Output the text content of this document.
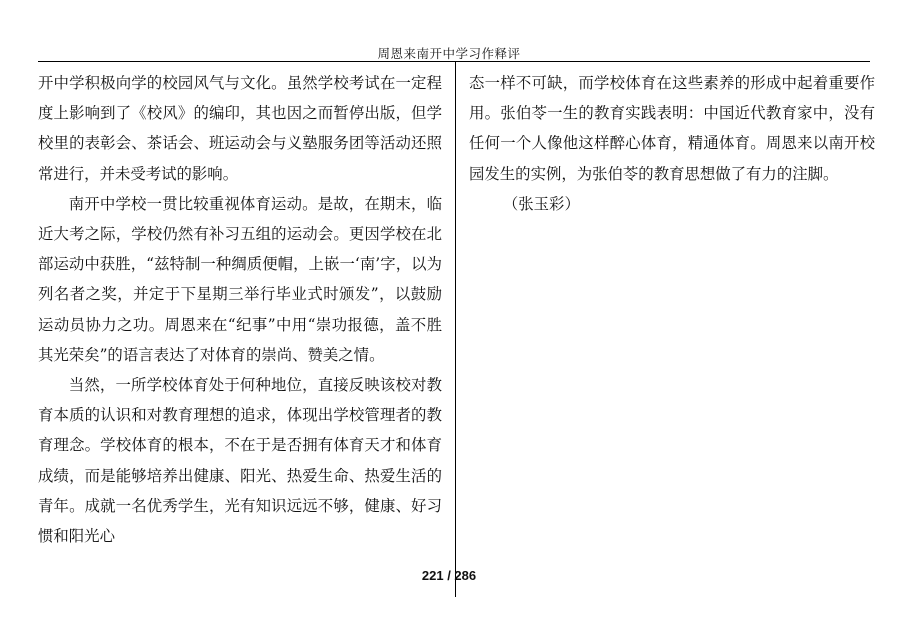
周恩来南开中学习作释评

开中学积极向学的校园风气与文化。虽然学校考试在一定程度上影响到了《校风》的编印，其也因之而暂停出版，但学校里的表彰会、茶话会、班运动会与义塾服务团等活动还照常进行，并未受考试的影响。

南开中学校一贯比较重视体育运动。是故，在期末，临近大考之际，学校仍然有补习五组的运动会。更因学校在北部运动中获胜，“兹特制一种绸质便帽，上嵌一‘南’字，以为列名者之奖，并定于下星期三举行毕业式时颁发”，以鼓励运动员协力之功。周恩来在“纪事”中用“崇功报德，盖不胜其光荣矣”的语言表达了对体育的崇尚、赞美之情。

当然，一所学校体育处于何种地位，直接反映该校对教育本质的认识和对教育理想的追求，体现出学校管理者的教育理念。学校体育的根本，不在于是否拥有体育天才和体育成绩，而是能够培养出健康、阳光、热爱生命、热爱生活的青年。成就一名优秀学生，光有知识远远不够，健康、好习惯和阳光心

态一样不可缺，而学校体育在这些素养的形成中起着重要作用。张伯苓一生的教育实践表明：中国近代教育家中，没有任何一个人像他这样醉心体育，精通体育。周恩来以南开校园发生的实例，为张伯苓的教育思想做了有力的注脚。

（张玉彩）

221 / 286
